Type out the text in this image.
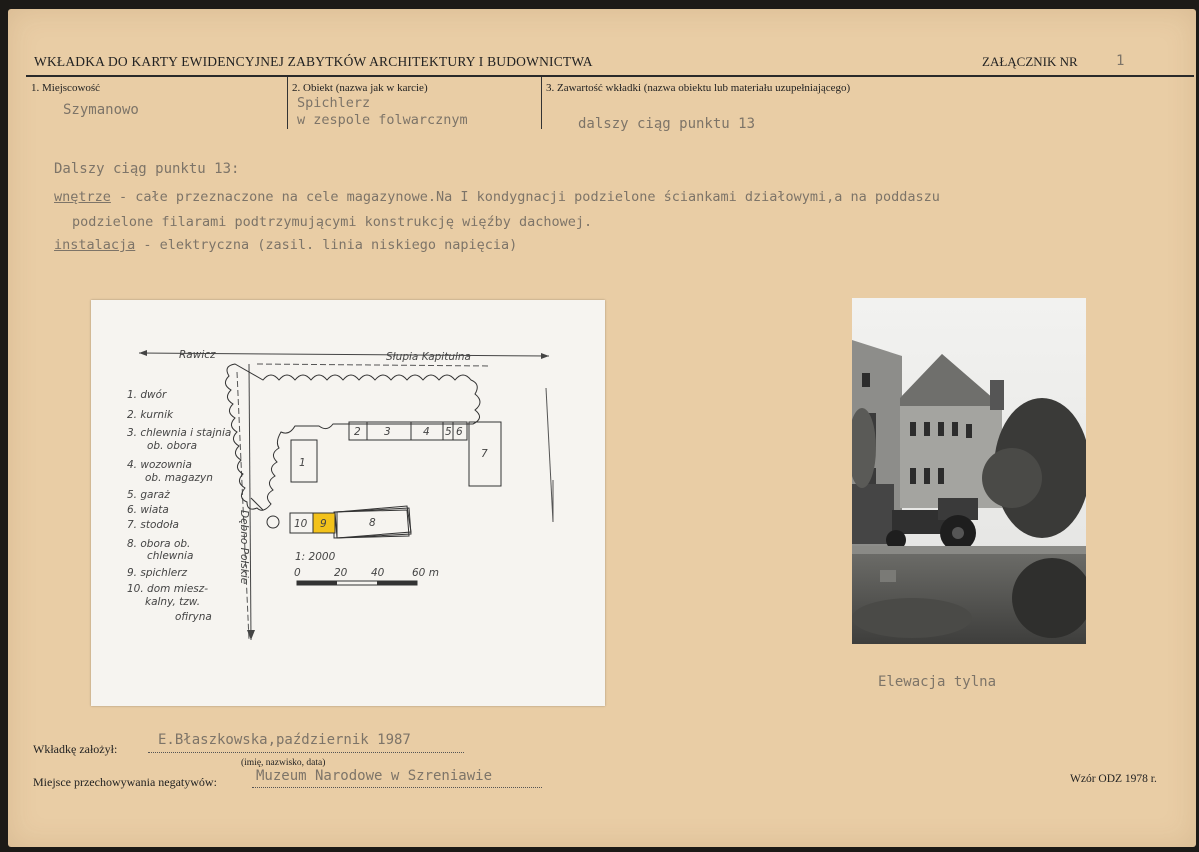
WKŁADKA DO KARTY EWIDENCYJNEJ ZABYTKÓW ARCHITEKTURY I BUDOWNICTWA	ZAŁĄCZNIK NR	1
1. Miejscowość
Szymanowo
2. Obiekt (nazwa jak w karcie)
Spichlerz
w zespole folwarcznym
3. Zawartość wkładki (nazwa obiektu lub materiału uzupełniającego)
dalszy ciąg punktu 13
Dalszy ciąg punktu 13:
wnętrze - całe przeznaczone na cele magazynowe.Na I kondygnacji podzielone ściankami działowymi,a na poddaszu
podzielone filarami podtrzymującymi konstrukcję więźby dachowej.
instalacja - elektryczna (zasil. linia niskiego napięcia)
Elewacja tylna
Wkładkę założył:
E.Błaszkowska,październik 1987
(imię, nazwisko, data)
Miejsce przechowywania negatywów:	Muzeum Narodowe w Szreniawie	Wzór ODZ 1978 r.
Rawicz	Słupia Kapitulna
Dębno Polskie
1
2 3	4 5 6
7
8
9
10
1: 2000
0	20 40	60 m
1. dwór
2. kurnik
3. chlewnia i stajnia
ob. obora
4. wozownia
ob. magazyn
5. garaż
6. wiata
7. stodoła
8. obora ob.
chlewnia
9. spichlerz
10. dom miesz-
kalny, tzw.
ofiryna
